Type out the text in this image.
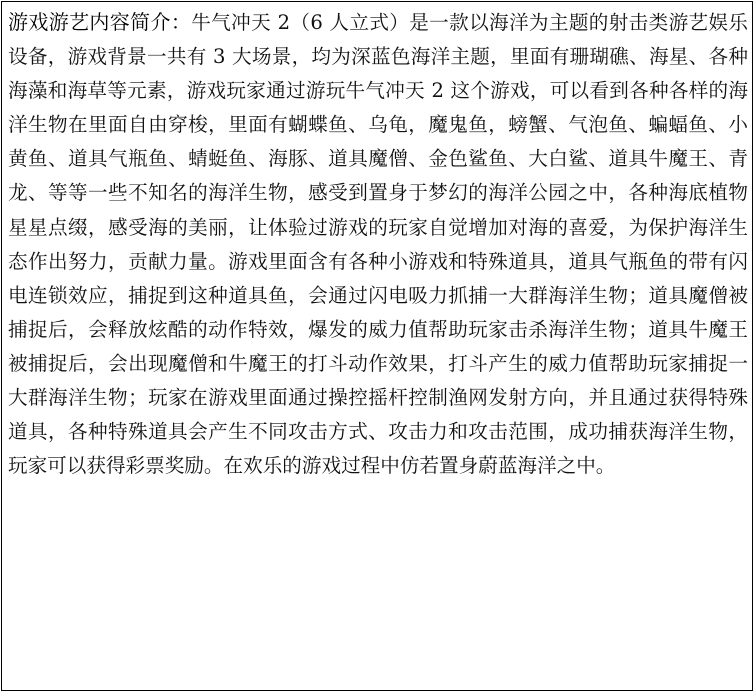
游戏游艺内容简介：牛气冲天 2（6 人立式）是一款以海洋为主题的射击类游艺娱乐设备，游戏背景一共有 3 大场景，均为深蓝色海洋主题，里面有珊瑚礁、海星、各种海藻和海草等元素，游戏玩家通过游玩牛气冲天 2 这个游戏，可以看到各种各样的海洋生物在里面自由穿梭，里面有蝴蝶鱼、乌龟，魔鬼鱼，螃蟹、气泡鱼、蝙蝠鱼、小黄鱼、道具气瓶鱼、蜻蜓鱼、海豚、道具魔僧、金色鲨鱼、大白鲨、道具牛魔王、青龙、等等一些不知名的海洋生物，感受到置身于梦幻的海洋公园之中，各种海底植物星星点缀，感受海的美丽，让体验过游戏的玩家自觉增加对海的喜爱，为保护海洋生态作出努力，贡献力量。游戏里面含有各种小游戏和特殊道具，道具气瓶鱼的带有闪电连锁效应，捕捉到这种道具鱼，会通过闪电吸力抓捕一大群海洋生物；道具魔僧被捕捉后，会释放炫酷的动作特效，爆发的威力值帮助玩家击杀海洋生物；道具牛魔王被捕捉后，会出现魔僧和牛魔王的打斗动作效果，打斗产生的威力值帮助玩家捕捉一大群海洋生物；玩家在游戏里面通过操控摇杆控制渔网发射方向，并且通过获得特殊道具，各种特殊道具会产生不同攻击方式、攻击力和攻击范围，成功捕获海洋生物，玩家可以获得彩票奖励。在欢乐的游戏过程中仿若置身蔚蓝海洋之中。
